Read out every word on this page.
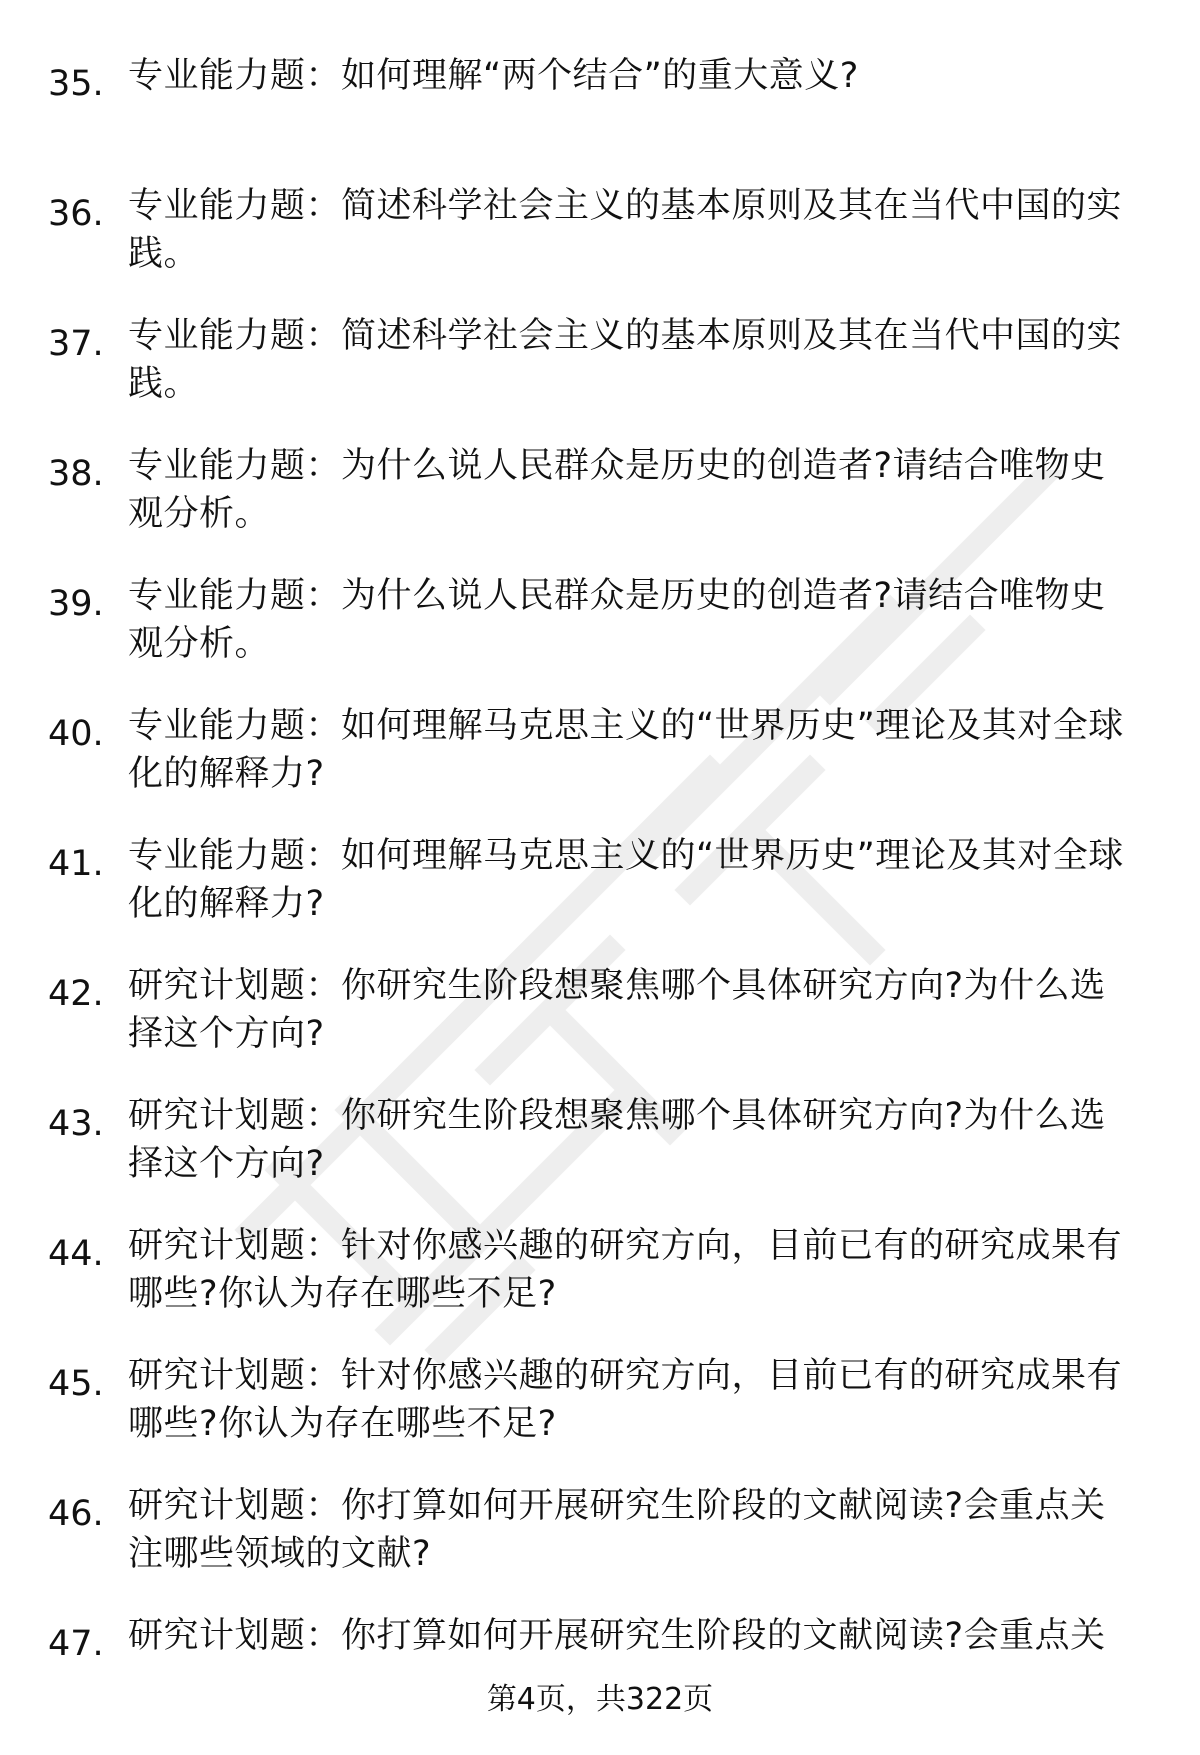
35. 专业能力题：如何理解“两个结合”的重大意义?
36. 专业能力题：简述科学社会主义的基本原则及其在当代中国的实践。
37. 专业能力题：简述科学社会主义的基本原则及其在当代中国的实践。
38. 专业能力题：为什么说人民群众是历史的创造者?请结合唯物史观分析。
39. 专业能力题：为什么说人民群众是历史的创造者?请结合唯物史观分析。
40. 专业能力题：如何理解马克思主义的“世界历史”理论及其对全球化的解释力?
41. 专业能力题：如何理解马克思主义的“世界历史”理论及其对全球化的解释力?
42. 研究计划题：你研究生阶段想聚焦哪个具体研究方向?为什么选择这个方向?
43. 研究计划题：你研究生阶段想聚焦哪个具体研究方向?为什么选择这个方向?
44. 研究计划题：针对你感兴趣的研究方向，目前已有的研究成果有哪些?你认为存在哪些不足?
45. 研究计划题：针对你感兴趣的研究方向，目前已有的研究成果有哪些?你认为存在哪些不足?
46. 研究计划题：你打算如何开展研究生阶段的文献阅读?会重点关注哪些领域的文献?
47. 研究计划题：你打算如何开展研究生阶段的文献阅读?会重点关
第4页，共322页
